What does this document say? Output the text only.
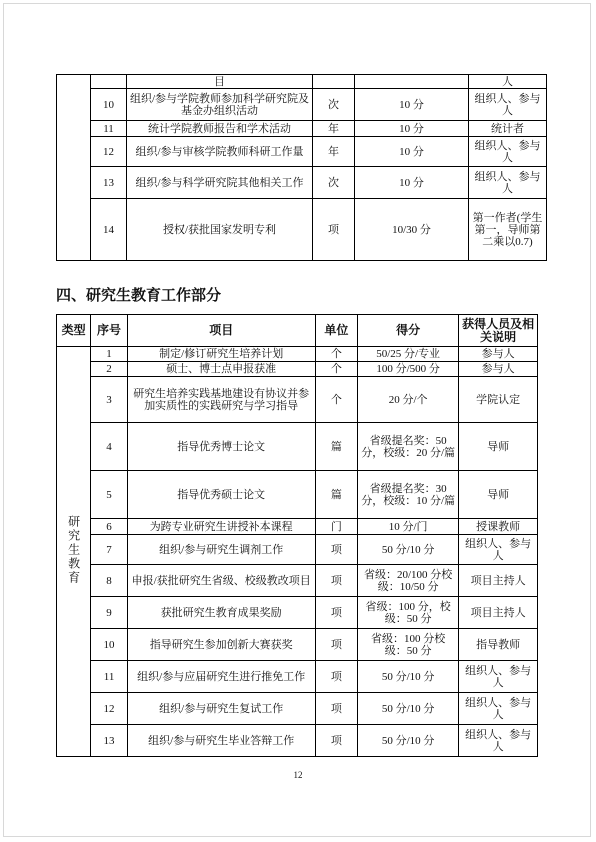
		目			人
	10	组织/参与学院教师参加科学研究院及基金办组织活动	次	10 分	组织人、参与人
	11	统计学院教师报告和学术活动	年	10 分	统计者
	12	组织/参与审核学院教师科研工作量	年	10 分	组织人、参与人
	13	组织/参与科学研究院其他相关工作	次	10 分	组织人、参与人
	14	授权/获批国家发明专利	项	10/30 分	第一作者(学生第一，导师第二乘以0.7)
四、研究生教育工作部分
类型	序号	项目	单位	得分	获得人员及相关说明
研究生教育	1	制定/修订研究生培养计划	个	50/25 分/专业	参与人
	2	硕士、博士点申报获准	个	100 分/500 分	参与人
	3	研究生培养实践基地建设有协议并参加实质性的实践研究与学习指导	个	20 分/个	学院认定
	4	指导优秀博士论文	篇	省级提名奖：50分，校级：20 分/篇	导师
	5	指导优秀硕士论文	篇	省级提名奖：30分，校级：10 分/篇	导师
	6	为跨专业研究生讲授补本课程	门	10 分/门	授课教师
	7	组织/参与研究生调剂工作	项	50 分/10 分	组织人、参与人
	8	申报/获批研究生省级、校级教改项目	项	省级：20/100 分校级：10/50 分	项目主持人
	9	获批研究生教育成果奖励	项	省级：100 分，校级：50 分	项目主持人
	10	指导研究生参加创新大赛获奖	项	省级：100 分校级：50 分	指导教师
	11	组织/参与应届研究生进行推免工作	项	50 分/10 分	组织人、参与人
	12	组织/参与研究生复试工作	项	50 分/10 分	组织人、参与人
	13	组织/参与研究生毕业答辩工作	项	50 分/10 分	组织人、参与人
12
